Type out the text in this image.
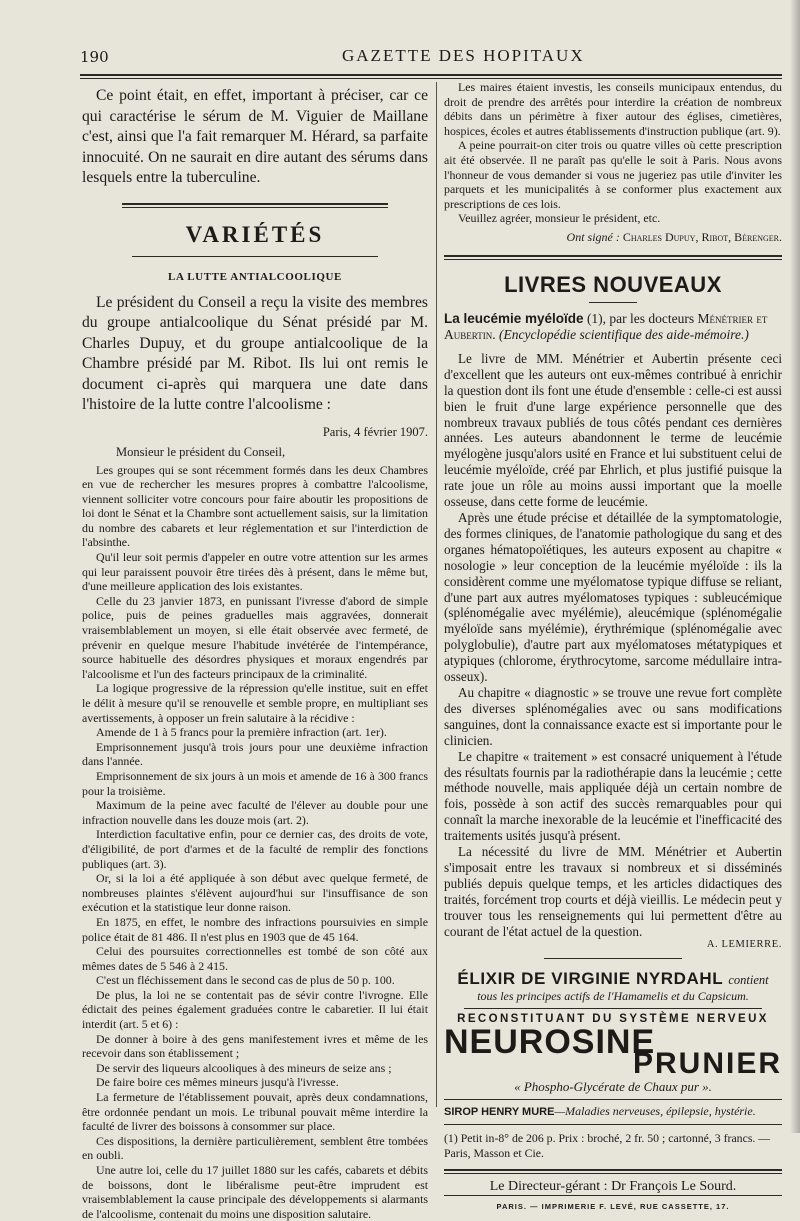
190	GAZETTE DES HOPITAUX

Ce point était, en effet, important à préciser, car ce qui caractérise le sérum de M. Viguier de Maillane c'est, ainsi que l'a fait remarquer M. Hérard, sa parfaite innocuité. On ne saurait en dire autant des sérums dans lesquels entre la tuberculine.

VARIÉTÉS

LA LUTTE ANTIALCOOLIQUE

Le président du Conseil a reçu la visite des membres du groupe antialcoolique du Sénat présidé par M. Charles Dupuy, et du groupe antialcoolique de la Chambre présidé par M. Ribot. Ils lui ont remis le document ci-après qui marquera une date dans l'histoire de la lutte contre l'alcoolisme :

Paris, 4 février 1907.

Monsieur le président du Conseil,

Les groupes qui se sont récemment formés dans les deux Chambres en vue de rechercher les mesures propres à combattre l'alcoolisme, viennent solliciter votre concours pour faire aboutir les propositions de loi dont le Sénat et la Chambre sont actuellement saisis, sur la limitation du nombre des cabarets et leur réglementation et sur l'interdiction de l'absinthe.

Qu'il leur soit permis d'appeler en outre votre attention sur les armes qui leur paraissent pouvoir être tirées dès à présent, dans le même but, d'une meilleure application des lois existantes.

Celle du 23 janvier 1873, en punissant l'ivresse d'abord de simple police, puis de peines graduelles mais aggravées, donnerait vraisemblablement un moyen, si elle était observée avec fermeté, de prévenir en quelque mesure l'habitude invétérée de l'intempérance, source habituelle des désordres physiques et moraux engendrés par l'alcoolisme et l'un des facteurs principaux de la criminalité.

La logique progressive de la répression qu'elle institue, suit en effet le délit à mesure qu'il se renouvelle et semble propre, en multipliant ses avertissements, à opposer un frein salutaire à la récidive :

Amende de 1 à 5 francs pour la première infraction (art. 1er).

Emprisonnement jusqu'à trois jours pour une deuxième infraction dans l'année.

Emprisonnement de six jours à un mois et amende de 16 à 300 francs pour la troisième.

Maximum de la peine avec faculté de l'élever au double pour une infraction nouvelle dans les douze mois (art. 2).

Interdiction facultative enfin, pour ce dernier cas, des droits de vote, d'éligibilité, de port d'armes et de la faculté de remplir des fonctions publiques (art. 3).

Or, si la loi a été appliquée à son début avec quelque fermeté, de nombreuses plaintes s'élèvent aujourd'hui sur l'insuffisance de son exécution et la statistique leur donne raison.

En 1875, en effet, le nombre des infractions poursuivies en simple police était de 81 486. Il n'est plus en 1903 que de 45 164.

Celui des poursuites correctionnelles est tombé de son côté aux mêmes dates de 5 546 à 2 415.

C'est un fléchissement dans le second cas de plus de 50 p. 100.

De plus, la loi ne se contentait pas de sévir contre l'ivrogne. Elle édictait des peines également graduées contre le cabaretier. Il lui était interdit (art. 5 et 6) :

De donner à boire à des gens manifestement ivres et même de les recevoir dans son établissement ;

De servir des liqueurs alcooliques à des mineurs de seize ans ;

De faire boire ces mêmes mineurs jusqu'à l'ivresse.

La fermeture de l'établissement pouvait, après deux condamnations, être ordonnée pendant un mois. Le tribunal pouvait même interdire la faculté de livrer des boissons à consommer sur place.

Ces dispositions, la dernière particulièrement, semblent être tombées en oubli.

Une autre loi, celle du 17 juillet 1880 sur les cafés, cabarets et débits de boissons, dont le libéralisme peut-être imprudent est vraisemblablement la cause principale des développements si alarmants de l'alcoolisme, contenait du moins une disposition salutaire.

Les maires étaient investis, les conseils municipaux entendus, du droit de prendre des arrêtés pour interdire la création de nombreux débits dans un périmètre à fixer autour des églises, cimetières, hospices, écoles et autres établissements d'instruction publique (art. 9).

A peine pourrait-on citer trois ou quatre villes où cette prescription ait été observée. Il ne paraît pas qu'elle le soit à Paris. Nous avons l'honneur de vous demander si vous ne jugeriez pas utile d'inviter les parquets et les municipalités à se conformer plus exactement aux prescriptions de ces lois.

Veuillez agréer, monsieur le président, etc.

Ont signé : Charles Dupuy, Ribot, Bérenger.

LIVRES NOUVEAUX

La leucémie myéloïde (1), par les docteurs Ménétrier et Aubertin. (Encyclopédie scientifique des aide-mémoire.)

Le livre de MM. Ménétrier et Aubertin présente ceci d'excellent que les auteurs ont eux-mêmes contribué à enrichir la question dont ils font une étude d'ensemble : celle-ci est aussi bien le fruit d'une large expérience personnelle que des nombreux travaux publiés de tous côtés pendant ces dernières années. Les auteurs abandonnent le terme de leucémie myélogène jusqu'alors usité en France et lui substituent celui de leucémie myéloïde, créé par Ehrlich, et plus justifié puisque la rate joue un rôle au moins aussi important que la moelle osseuse, dans cette forme de leucémie.

Après une étude précise et détaillée de la symptomatologie, des formes cliniques, de l'anatomie pathologique du sang et des organes hématopoïétiques, les auteurs exposent au chapitre « nosologie » leur conception de la leucémie myéloïde : ils la considèrent comme une myélomatose typique diffuse se reliant, d'une part aux autres myélomatoses typiques : subleucémique (splénomégalie avec myélémie), aleucémique (splénomégalie myéloïde sans myélémie), érythrémique (splénomégalie avec polyglobulie), d'autre part aux myélomatoses métatypiques et atypiques (chlorome, érythrocytome, sarcome médullaire intra-osseux).

Au chapitre « diagnostic » se trouve une revue fort complète des diverses splénomégalies avec ou sans modifications sanguines, dont la connaissance exacte est si importante pour le clinicien.

Le chapitre « traitement » est consacré uniquement à l'étude des résultats fournis par la radiothérapie dans la leucémie ; cette méthode nouvelle, mais appliquée déjà un certain nombre de fois, possède à son actif des succès remarquables pour qui connaît la marche inexorable de la leucémie et l'inefficacité des traitements usités jusqu'à présent.

La nécessité du livre de MM. Ménétrier et Aubertin s'imposait entre les travaux si nombreux et si disséminés publiés depuis quelque temps, et les articles didactiques des traités, forcément trop courts et déjà vieillis. Le médecin peut y trouver tous les renseignements qui lui permettent d'être au courant de l'état actuel de la question.

A. LEMIERRE.

ÉLIXIR DE VIRGINIE NYRDAHL contient

tous les principes actifs de l'Hamamelis et du Capsicum.

RECONSTITUANT DU SYSTÈME NERVEUX

NEUROSINE

PRUNIER

« Phospho-Glycérate de Chaux pur ».

SIROP HENRY MURE—Maladies nerveuses, épilepsie, hystérie.

(1) Petit in-8° de 206 p. Prix : broché, 2 fr. 50 ; cartonné, 3 francs. — Paris, Masson et Cie.

Le Directeur-gérant : Dr François Le Sourd.

PARIS. — IMPRIMERIE F. LEVÉ, RUE CASSETTE, 17.
